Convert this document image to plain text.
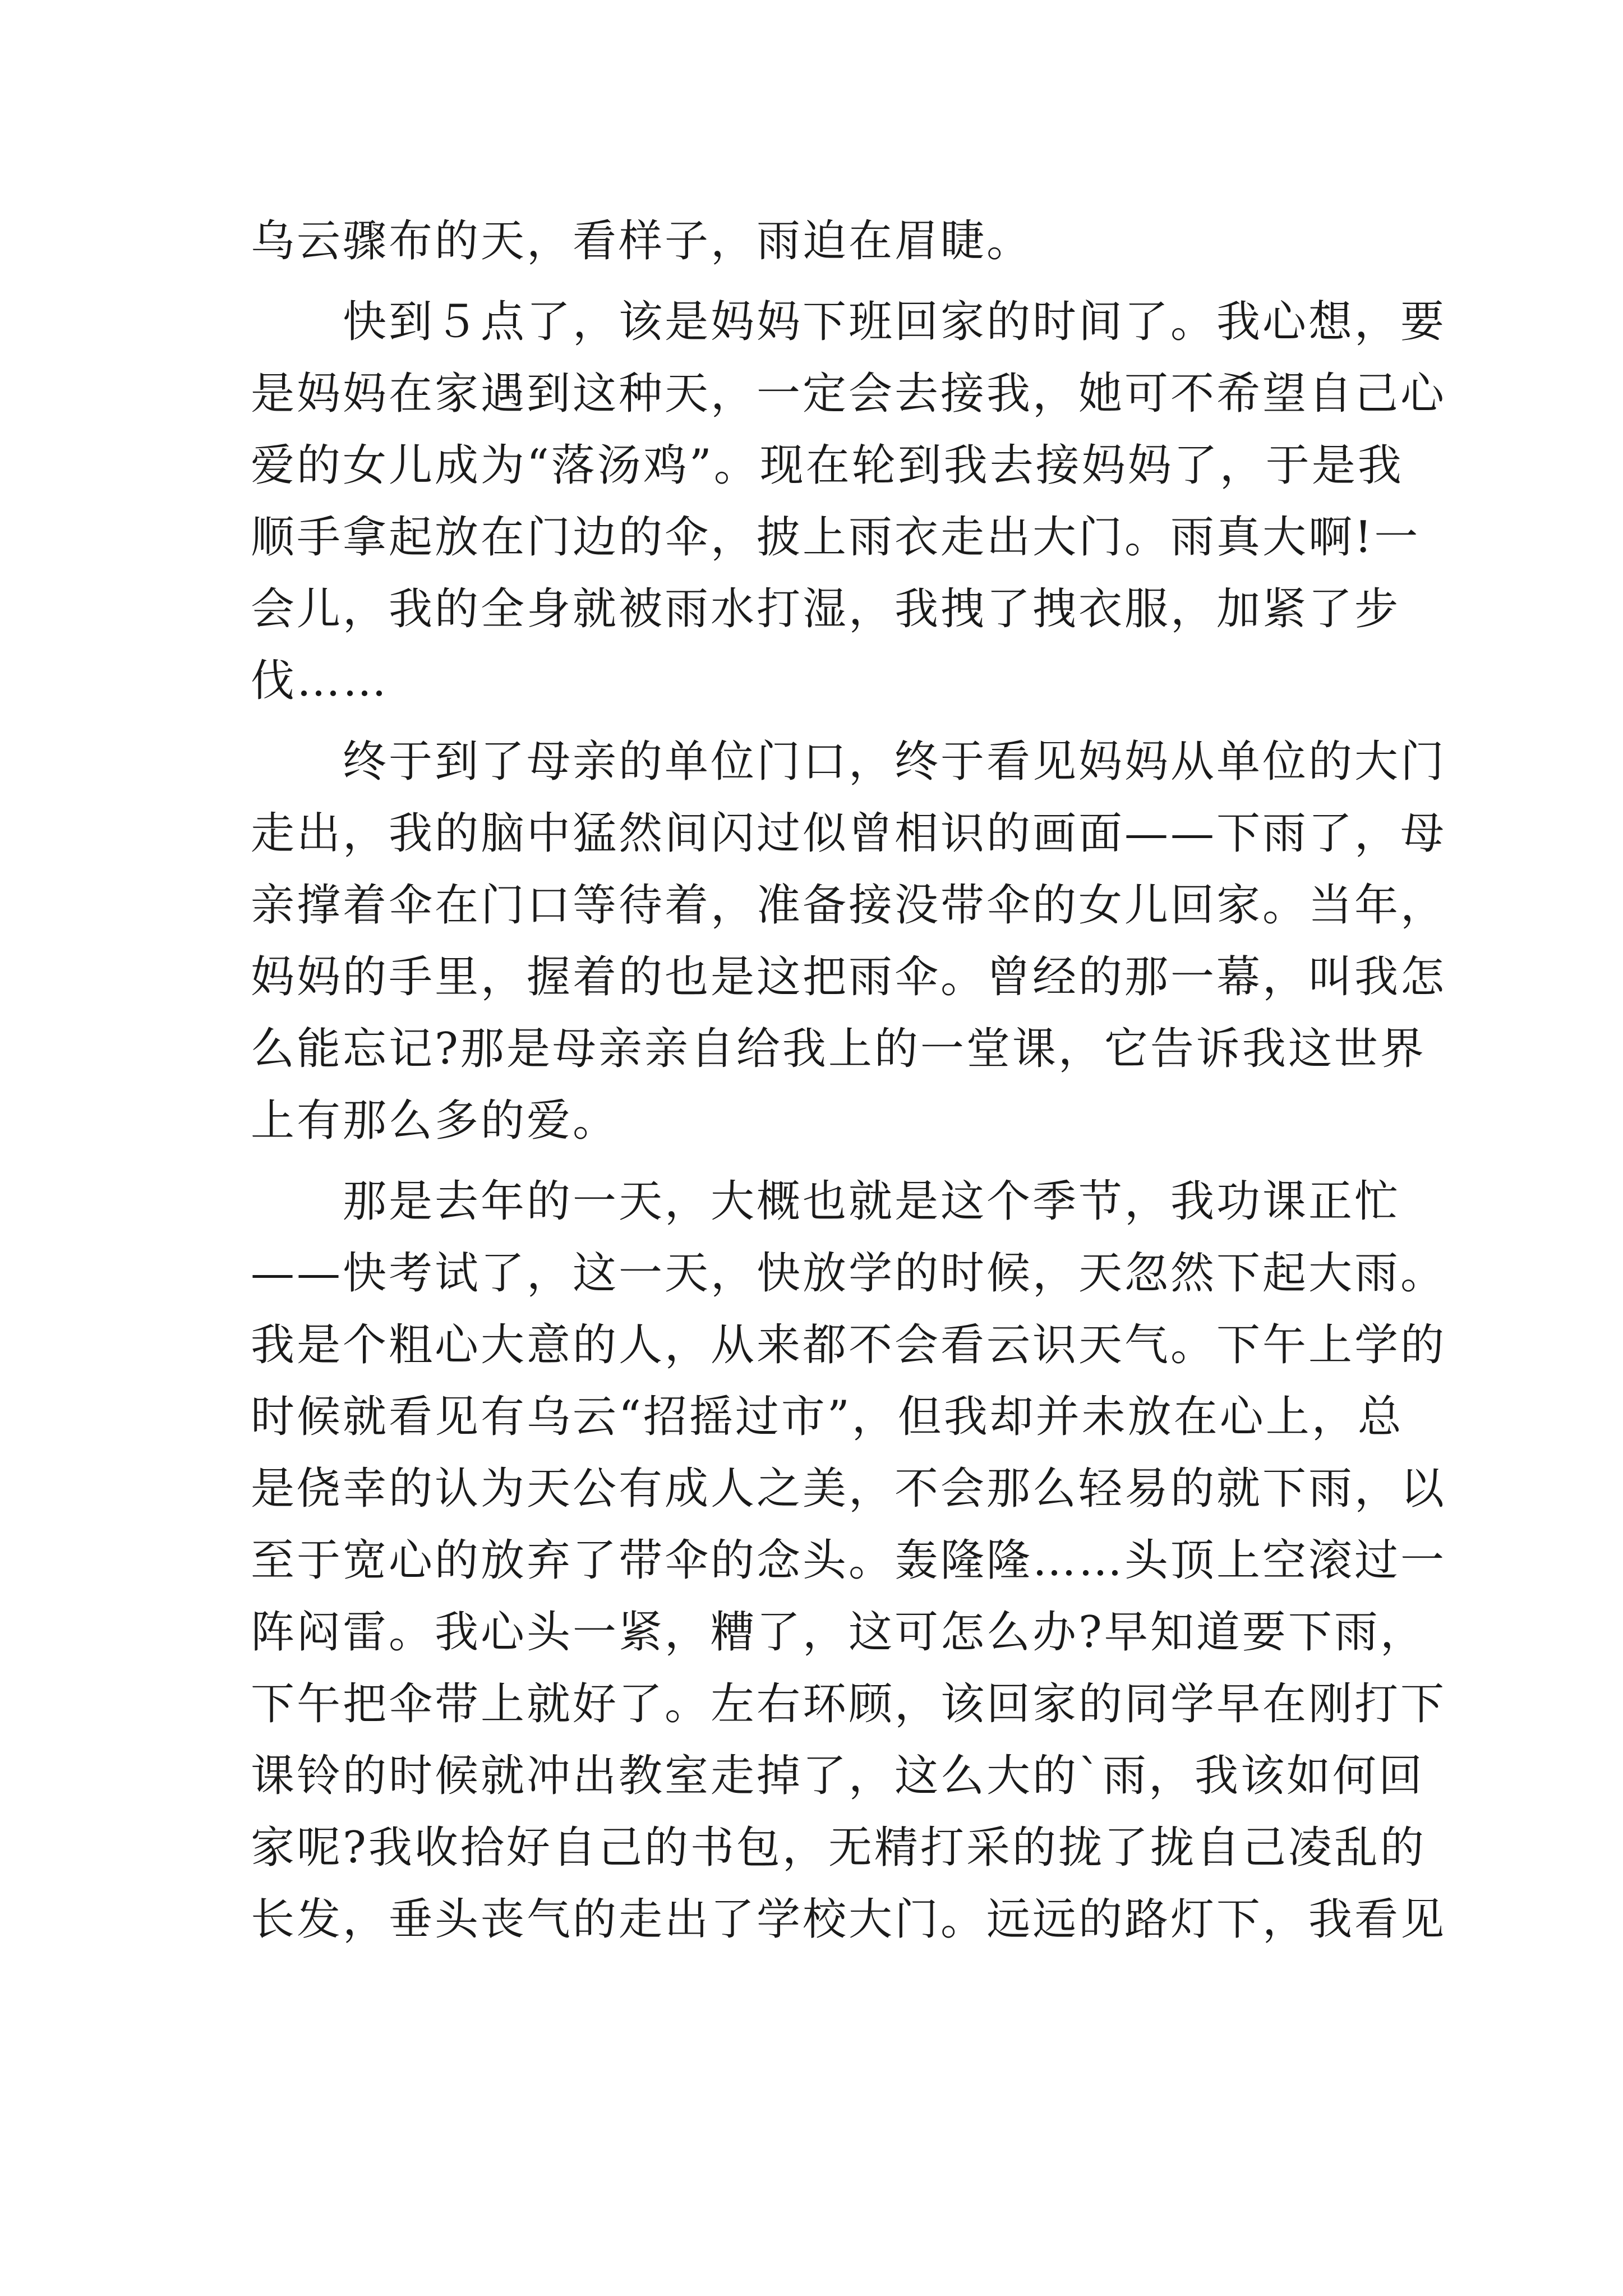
乌云骤布的天，看样子，雨迫在眉睫。
　　快到５点了，该是妈妈下班回家的时间了。我心想，要
是妈妈在家遇到这种天，一定会去接我，她可不希望自己心
爱的女儿成为“落汤鸡”。现在轮到我去接妈妈了，于是我
顺手拿起放在门边的伞，披上雨衣走出大门。雨真大啊!一
会儿，我的全身就被雨水打湿，我拽了拽衣服，加紧了步
伐……
　　终于到了母亲的单位门口，终于看见妈妈从单位的大门
走出，我的脑中猛然间闪过似曾相识的画面——下雨了，母
亲撑着伞在门口等待着，准备接没带伞的女儿回家。当年，
妈妈的手里，握着的也是这把雨伞。曾经的那一幕，叫我怎
么能忘记?那是母亲亲自给我上的一堂课，它告诉我这世界
上有那么多的爱。
　　那是去年的一天，大概也就是这个季节，我功课正忙
——快考试了，这一天，快放学的时候，天忽然下起大雨。
我是个粗心大意的人，从来都不会看云识天气。下午上学的
时候就看见有乌云“招摇过市”，但我却并未放在心上，总
是侥幸的认为天公有成人之美，不会那么轻易的就下雨，以
至于宽心的放弃了带伞的念头。轰隆隆……头顶上空滚过一
阵闷雷。我心头一紧，糟了，这可怎么办?早知道要下雨，
下午把伞带上就好了。左右环顾，该回家的同学早在刚打下
课铃的时候就冲出教室走掉了，这么大的`雨，我该如何回
家呢?我收拾好自己的书包，无精打采的拢了拢自己凌乱的
长发，垂头丧气的走出了学校大门。远远的路灯下，我看见
